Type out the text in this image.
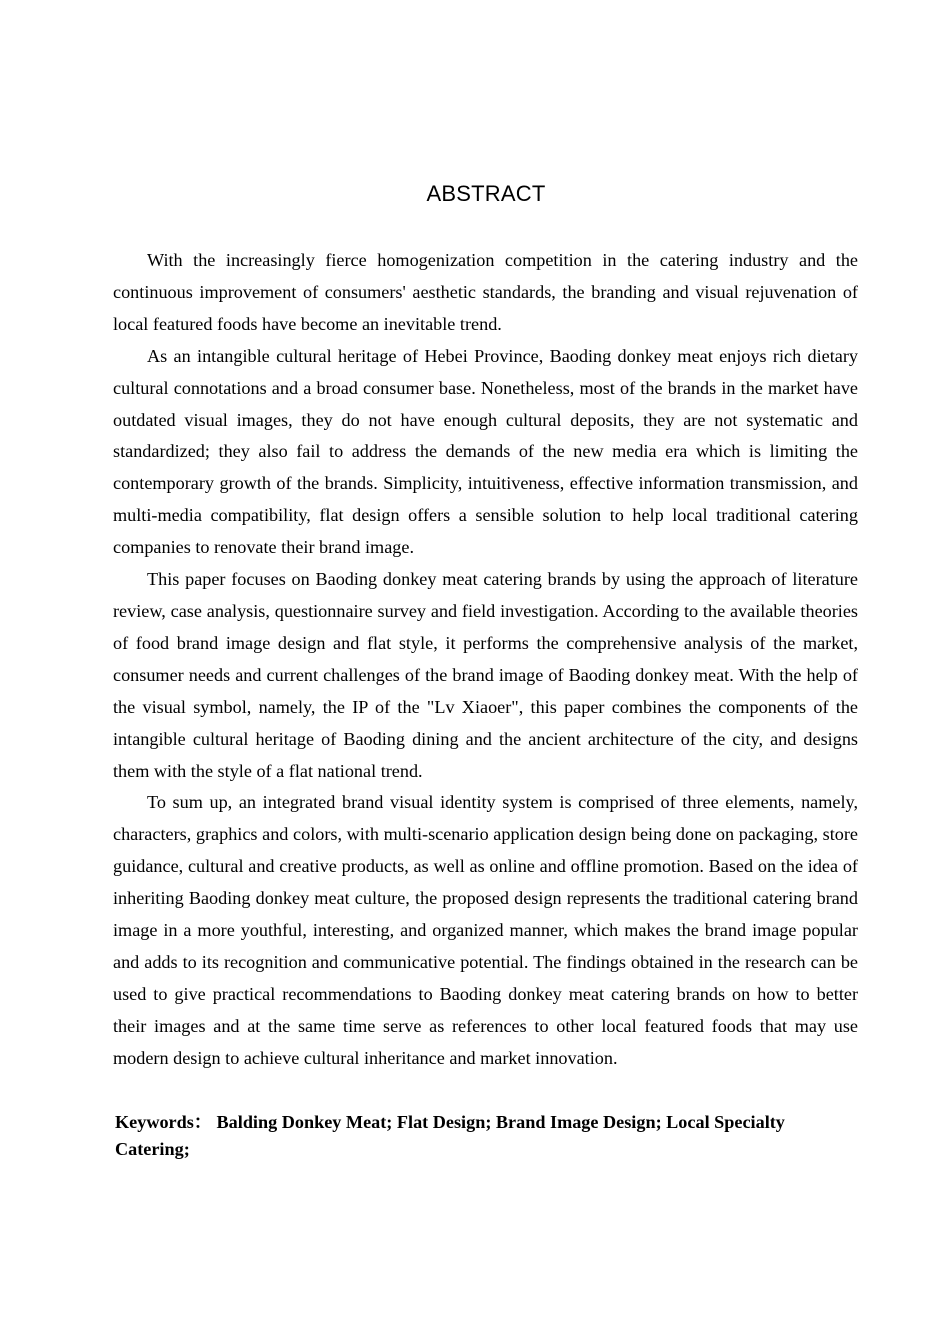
ABSTRACT

With the increasingly fierce homogenization competition in the catering industry and the continuous improvement of consumers' aesthetic standards, the branding and visual rejuvenation of local featured foods have become an inevitable trend.

As an intangible cultural heritage of Hebei Province, Baoding donkey meat enjoys rich dietary cultural connotations and a broad consumer base. Nonetheless, most of the brands in the market have outdated visual images, they do not have enough cultural deposits, they are not systematic and standardized; they also fail to address the demands of the new media era which is limiting the contemporary growth of the brands. Simplicity, intuitiveness, effective information transmission, and multi-media compatibility, flat design offers a sensible solution to help local traditional catering companies to renovate their brand image.

This paper focuses on Baoding donkey meat catering brands by using the approach of literature review, case analysis, questionnaire survey and field investigation. According to the available theories of food brand image design and flat style, it performs the comprehensive analysis of the market, consumer needs and current challenges of the brand image of Baoding donkey meat. With the help of the visual symbol, namely, the IP of the "Lv Xiaoer", this paper combines the components of the intangible cultural heritage of Baoding dining and the ancient architecture of the city, and designs them with the style of a flat national trend.

To sum up, an integrated brand visual identity system is comprised of three elements, namely, characters, graphics and colors, with multi-scenario application design being done on packaging, store guidance, cultural and creative products, as well as online and offline promotion. Based on the idea of inheriting Baoding donkey meat culture, the proposed design represents the traditional catering brand image in a more youthful, interesting, and organized manner, which makes the brand image popular and adds to its recognition and communicative potential. The findings obtained in the research can be used to give practical recommendations to Baoding donkey meat catering brands on how to better their images and at the same time serve as references to other local featured foods that may use modern design to achieve cultural inheritance and market innovation.

Keywords： Balding Donkey Meat; Flat Design; Brand Image Design; Local Specialty Catering;
